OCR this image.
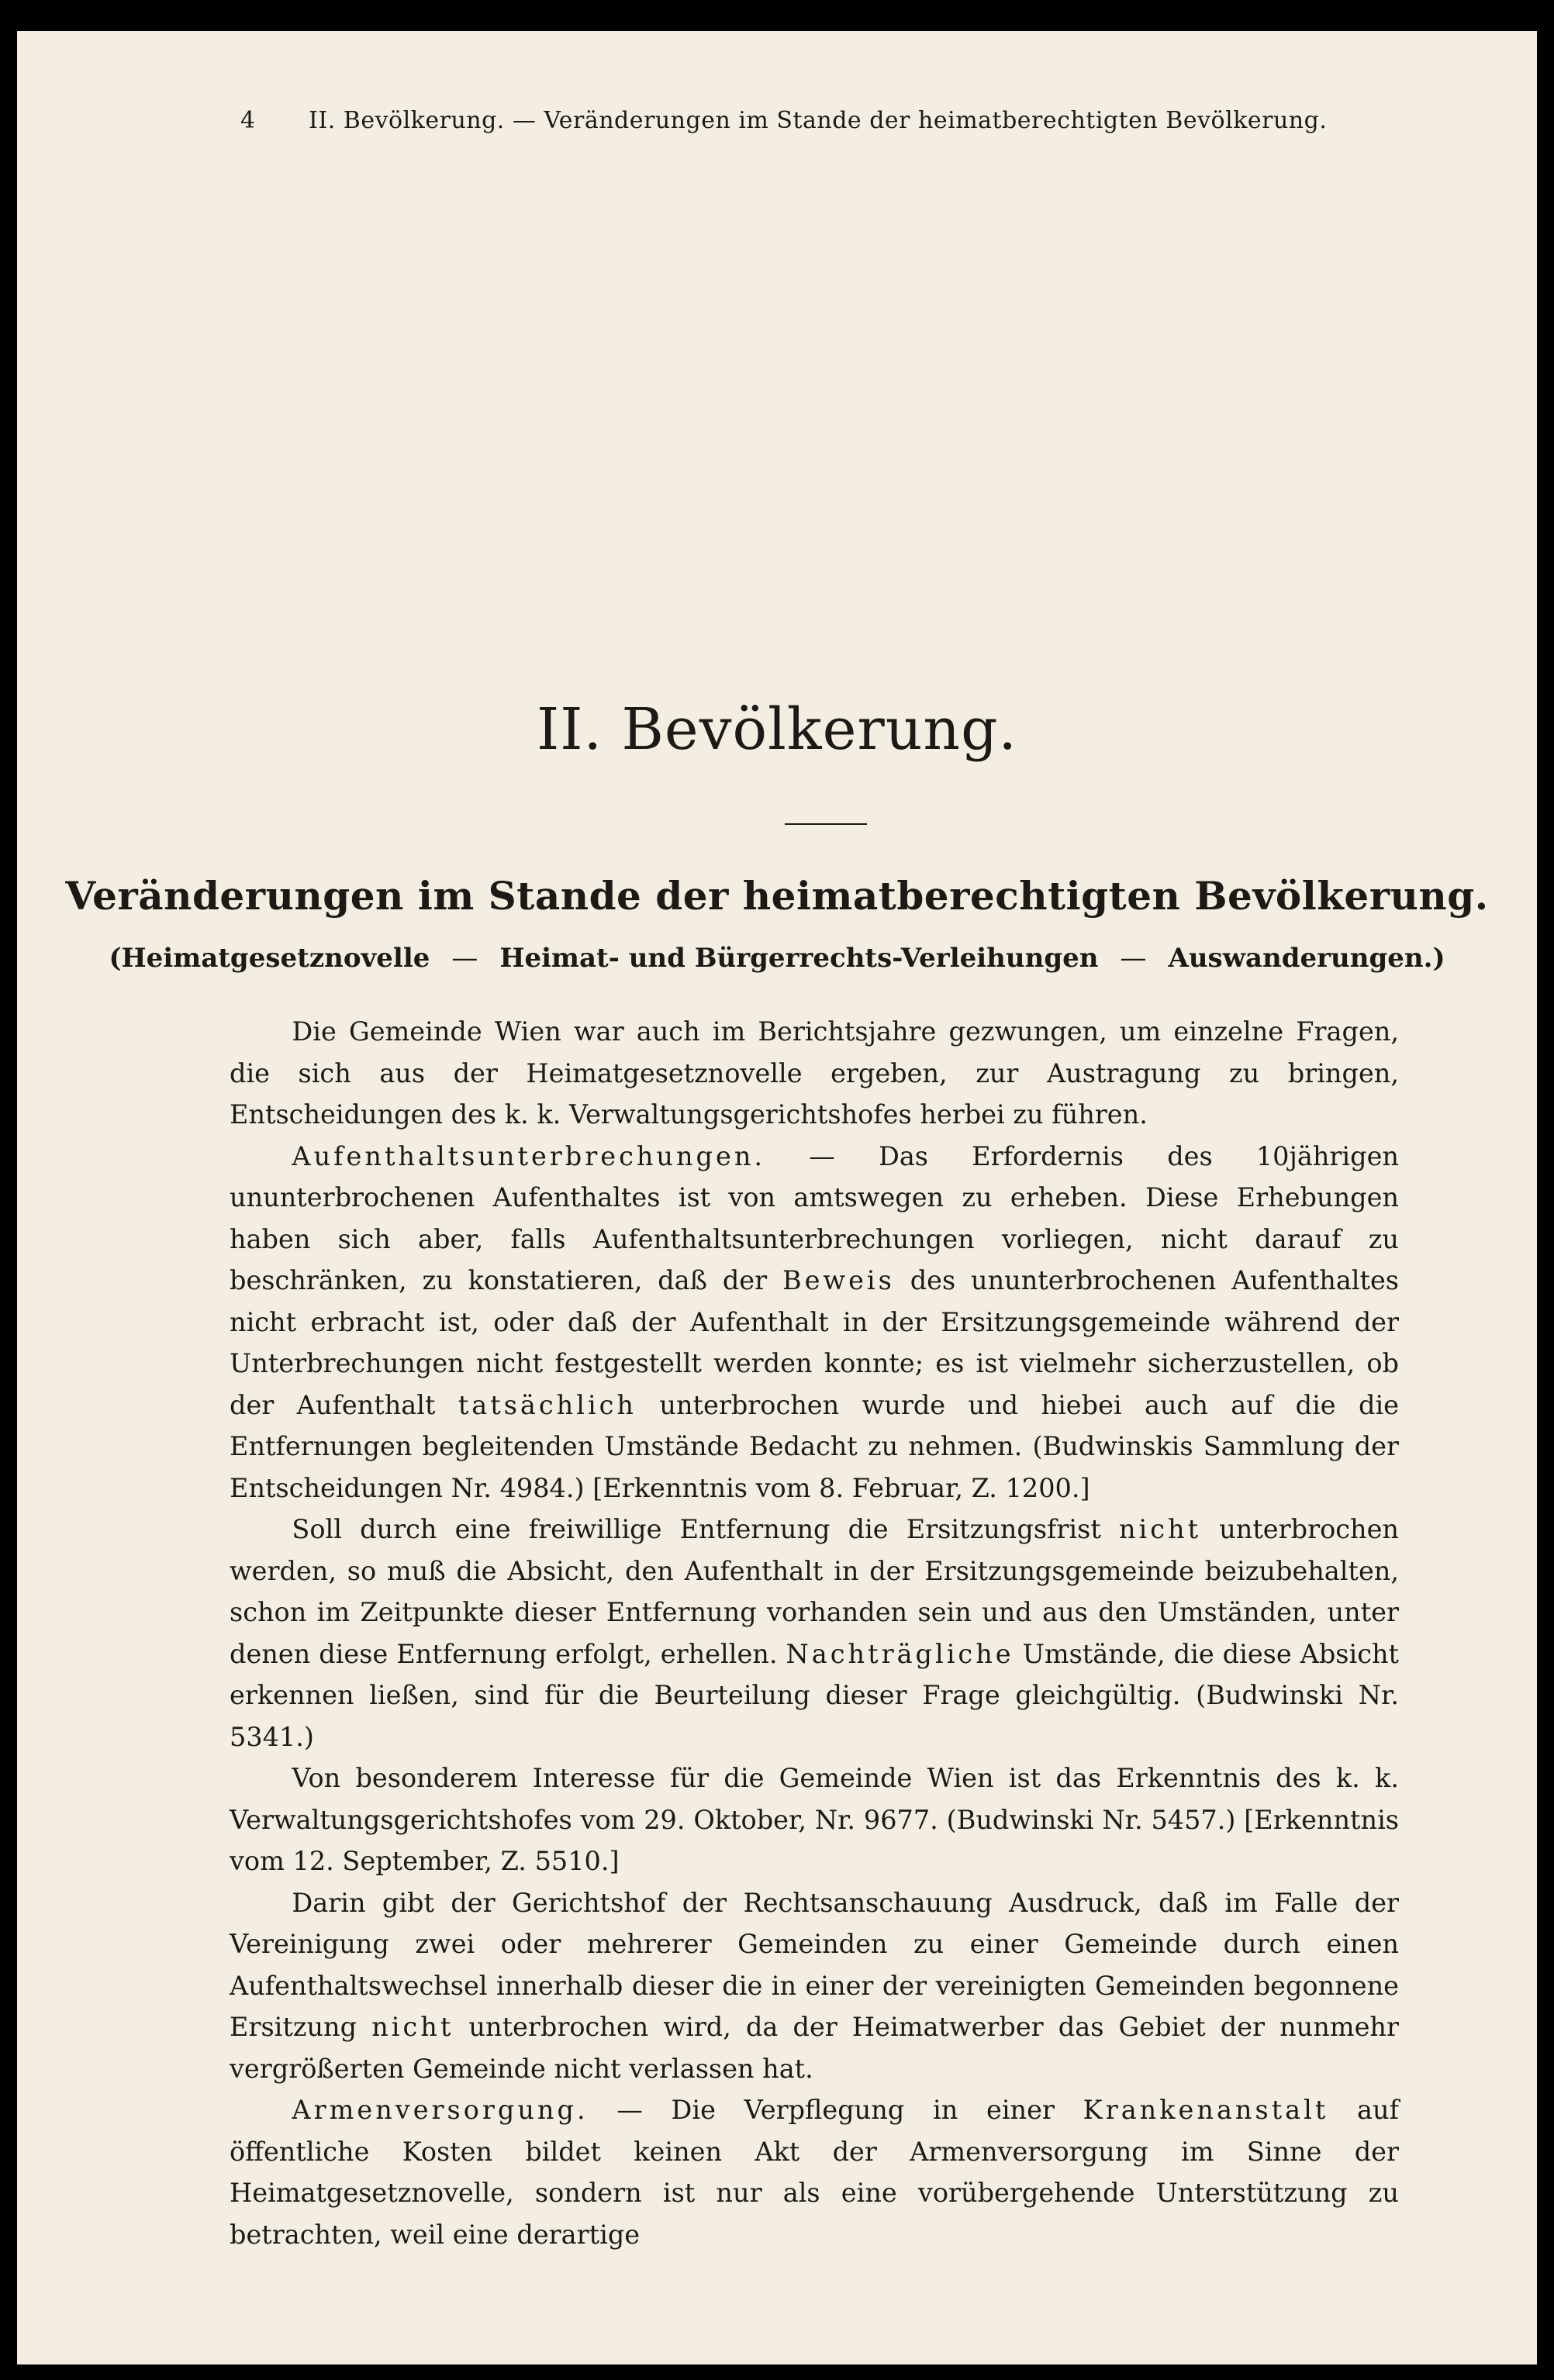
4 II. Bevölkerung. — Veränderungen im Stande der heimatberechtigten Bevölkerung.
II. Bevölkerung.
Veränderungen im Stande der heimatberechtigten Bevölkerung.
(Heimatgesetznovelle — Heimat- und Bürgerrechts-Verleihungen — Auswanderungen.)

Die Gemeinde Wien war auch im Berichtsjahre gezwungen, um einzelne Fragen, die sich aus der Heimatgesetznovelle ergeben, zur Austragung zu bringen, Entscheidungen des k. k. Verwaltungsgerichtshofes herbei zu führen.

Aufenthaltsunterbrechungen. — Das Erfordernis des 10jährigen ununterbrochenen Aufenthaltes ist von amtswegen zu erheben. Diese Erhebungen haben sich aber, falls Aufenthaltsunterbrechungen vorliegen, nicht darauf zu beschränken, zu konstatieren, daß der Beweis des ununterbrochenen Aufenthaltes nicht erbracht ist, oder daß der Aufenthalt in der Ersitzungsgemeinde während der Unterbrechungen nicht festgestellt werden konnte; es ist vielmehr sicherzustellen, ob der Aufenthalt tatsächlich unterbrochen wurde und hiebei auch auf die die Entfernungen begleitenden Umstände Bedacht zu nehmen. (Budwinskis Sammlung der Entscheidungen Nr. 4984.) [Erkenntnis vom 8. Februar, Z. 1200.]

Soll durch eine freiwillige Entfernung die Ersitzungsfrist nicht unterbrochen werden, so muß die Absicht, den Aufenthalt in der Ersitzungsgemeinde beizubehalten, schon im Zeitpunkte dieser Entfernung vorhanden sein und aus den Umständen, unter denen diese Entfernung erfolgt, erhellen. Nachträgliche Umstände, die diese Absicht erkennen ließen, sind für die Beurteilung dieser Frage gleichgültig. (Budwinski Nr. 5341.)

Von besonderem Interesse für die Gemeinde Wien ist das Erkenntnis des k. k. Verwaltungsgerichtshofes vom 29. Oktober, Nr. 9677. (Budwinski Nr. 5457.) [Erkenntnis vom 12. September, Z. 5510.]

Darin gibt der Gerichtshof der Rechtsanschauung Ausdruck, daß im Falle der Vereinigung zwei oder mehrerer Gemeinden zu einer Gemeinde durch einen Aufenthaltswechsel innerhalb dieser die in einer der vereinigten Gemeinden begonnene Ersitzung nicht unterbrochen wird, da der Heimatwerber das Gebiet der nunmehr vergrößerten Gemeinde nicht verlassen hat.

Armenversorgung. — Die Verpflegung in einer Krankenanstalt auf öffentliche Kosten bildet keinen Akt der Armenversorgung im Sinne der Heimatgesetznovelle, sondern ist nur als eine vorübergehende Unterstützung zu betrachten, weil eine derartige
